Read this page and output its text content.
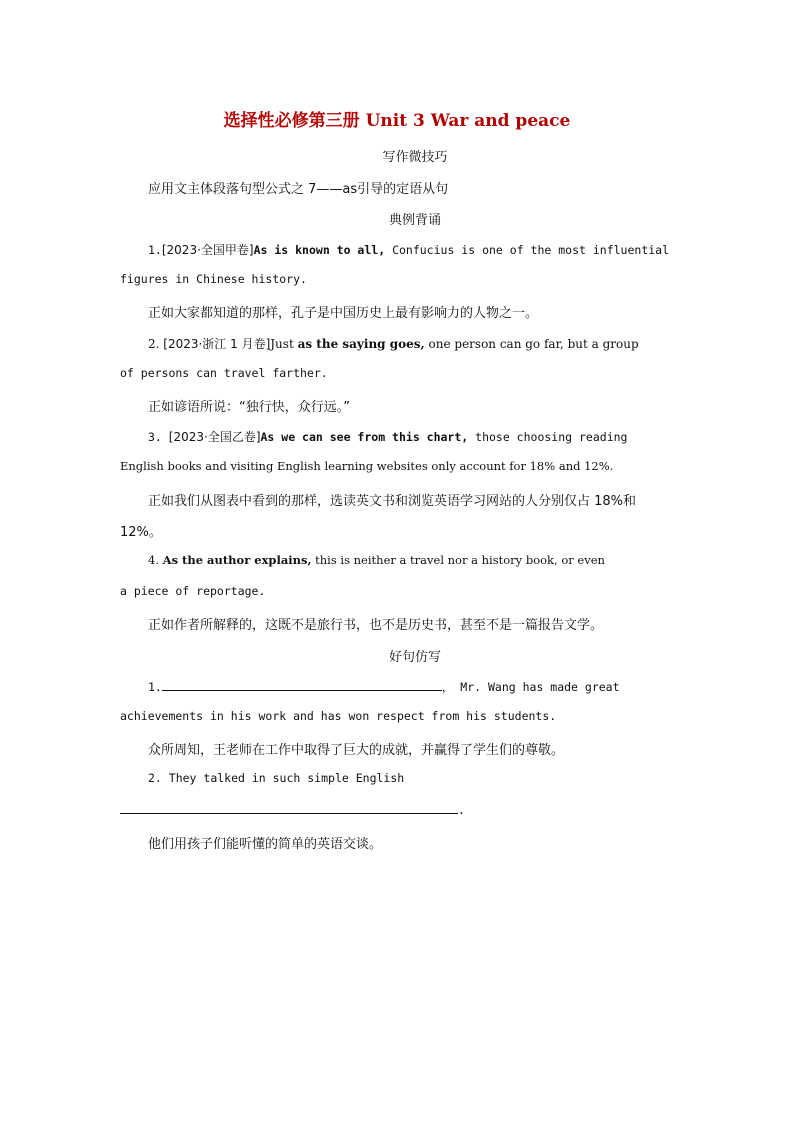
选择性必修第三册 Unit 3 War and peace
写作微技巧
应用文主体段落句型公式之 7——as引导的定语从句
典例背诵
1.[2023·全国甲卷]As is known to all, Confucius is one of the most influential
figures in Chinese history.
正如大家都知道的那样，孔子是中国历史上最有影响力的人物之一。
2. [2023·浙江 1 月卷]Just as the saying goes, one person can go far, but a group
of persons can travel farther.
正如谚语所说：“独行快，众行远。”
3. [2023·全国乙卷]As we can see from this chart, those choosing reading
English books and visiting English learning websites only account for 18% and 12%.
正如我们从图表中看到的那样，选读英文书和浏览英语学习网站的人分别仅占 18%和
12%。
4. As the author explains, this is neither a travel nor a history book, or even
a piece of reportage.
正如作者所解释的，这既不是旅行书，也不是历史书，甚至不是一篇报告文学。
好句仿写
1.	， Mr. Wang has made great
achievements in his work and has won respect from his students.
众所周知，王老师在工作中取得了巨大的成就，并赢得了学生们的尊敬。
2. They talked in such simple English
.
他们用孩子们能听懂的简单的英语交谈。
